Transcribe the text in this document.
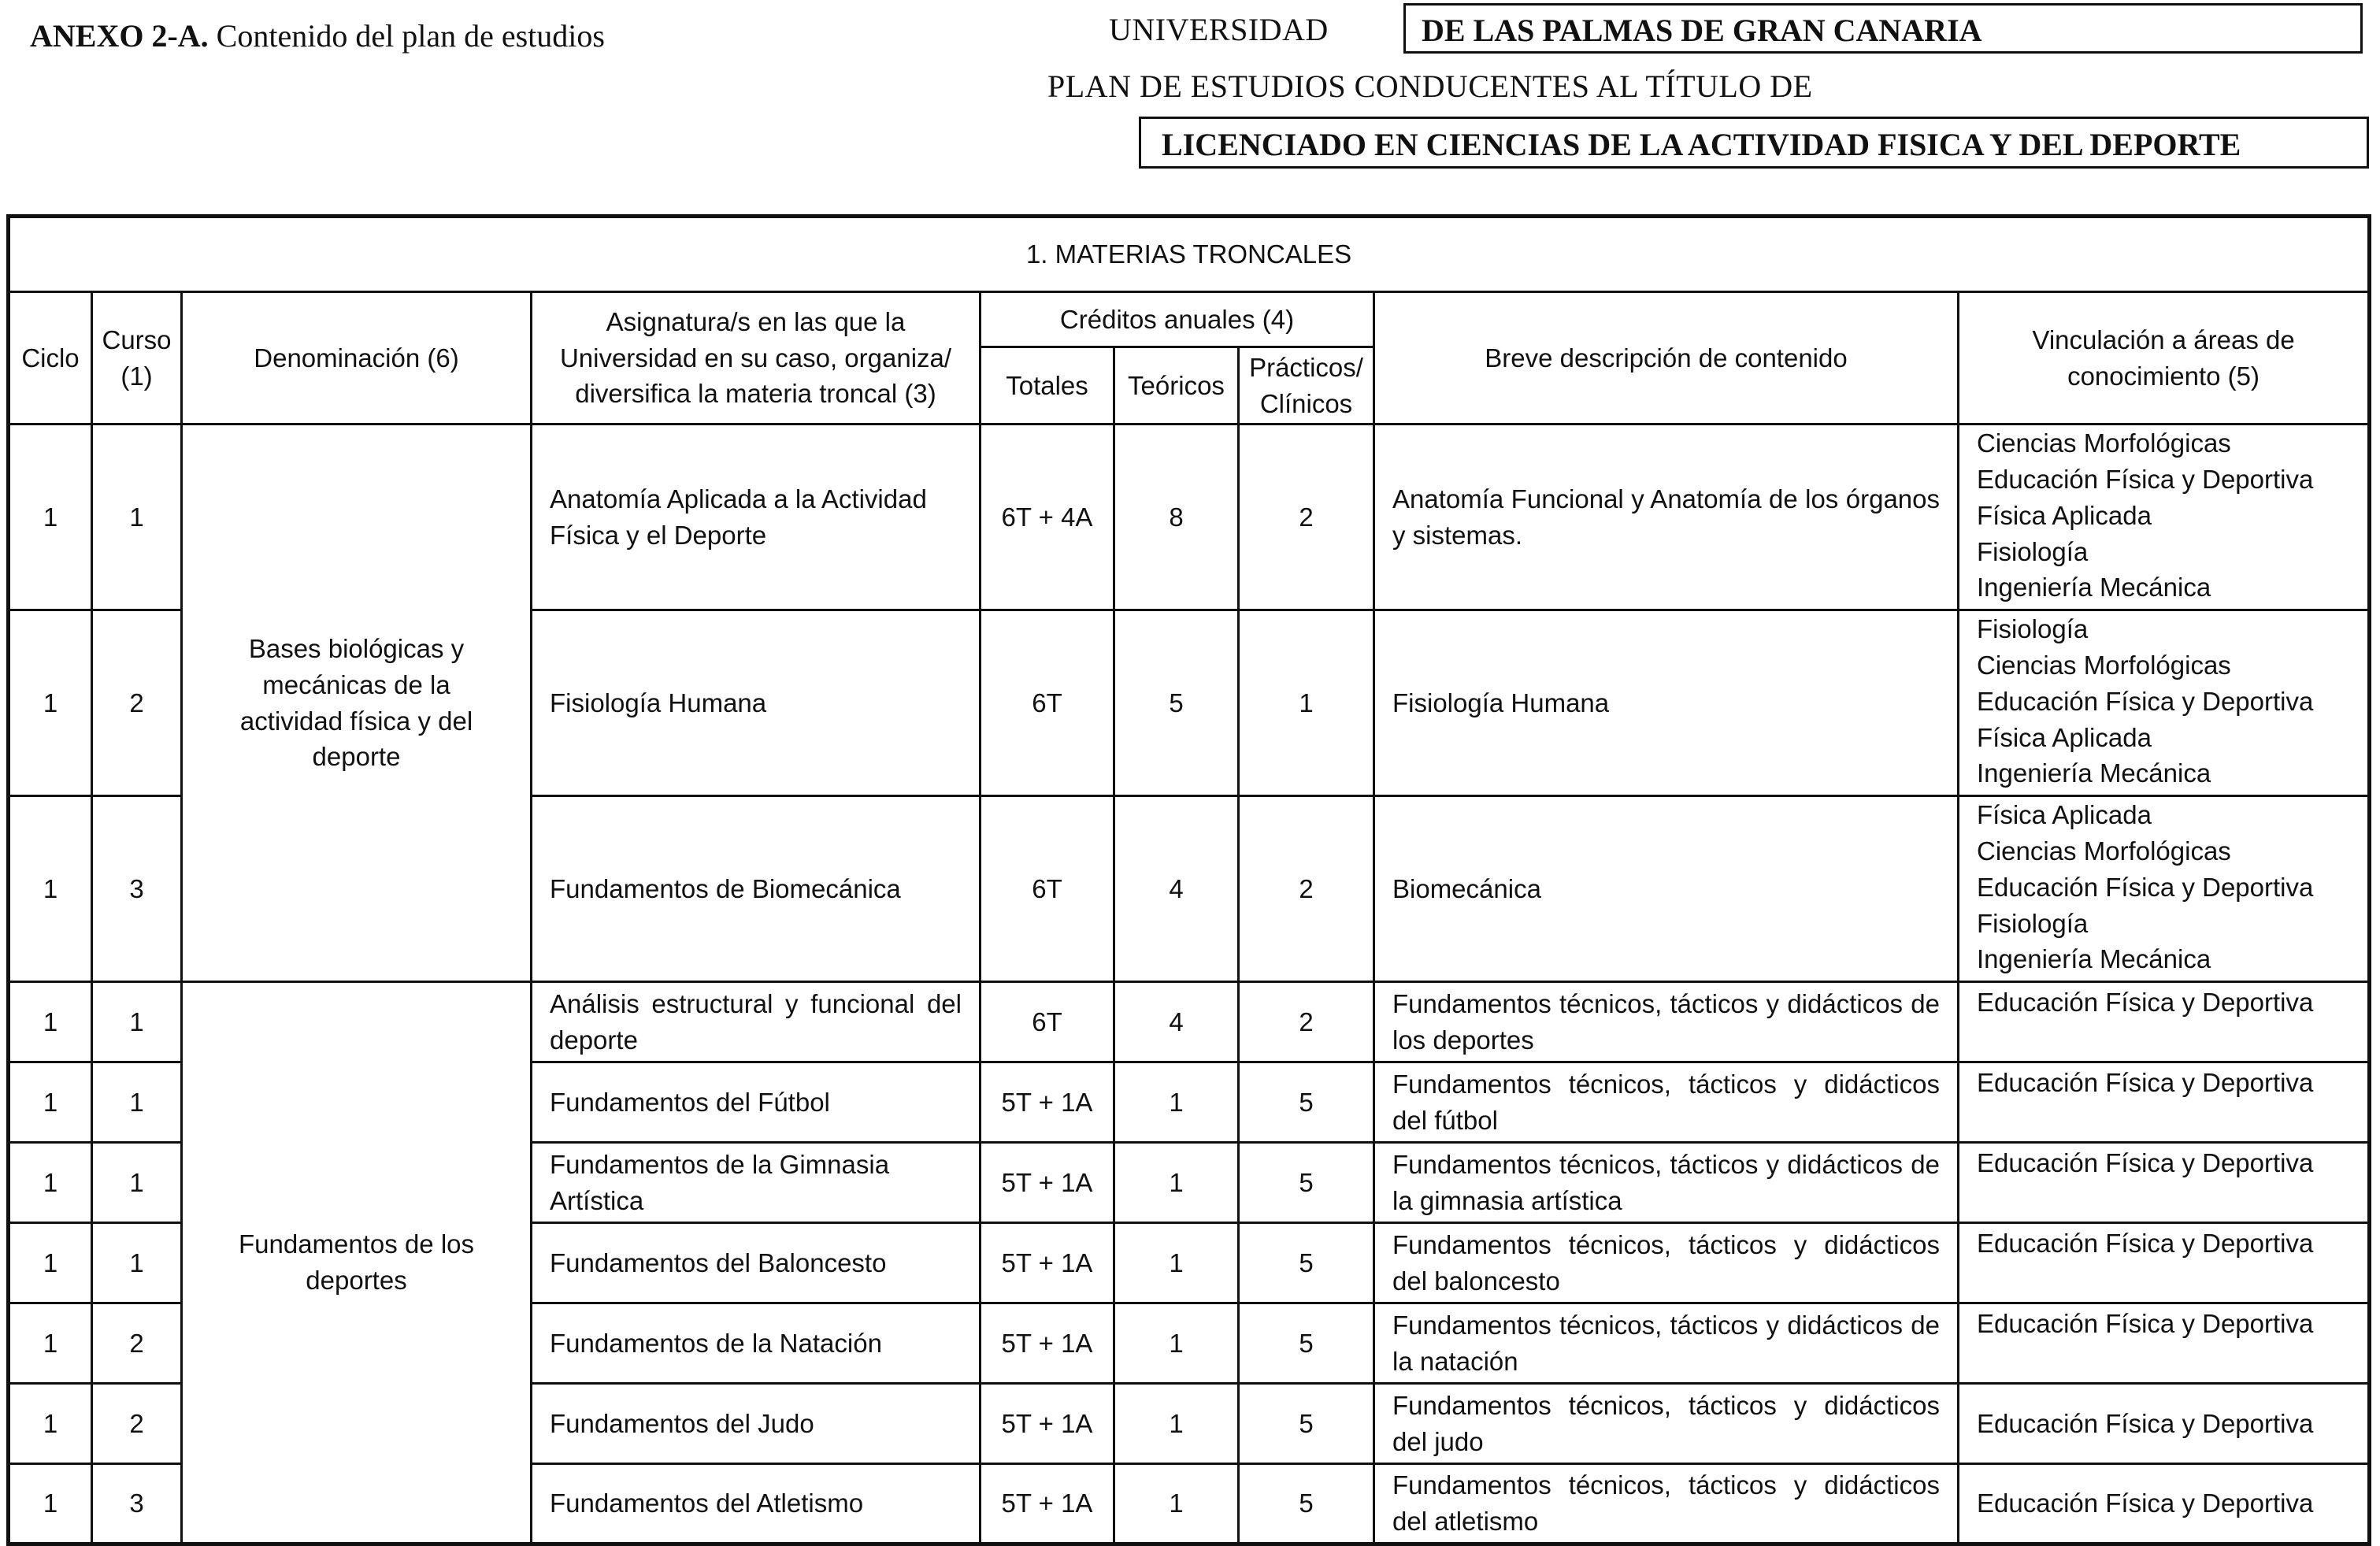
ANEXO 2-A. Contenido del plan de estudios	UNIVERSIDAD	DE LAS PALMAS DE GRAN CANARIA
PLAN DE ESTUDIOS CONDUCENTES AL TÍTULO DE
LICENCIADO EN CIENCIAS DE LA ACTIVIDAD FISICA Y DEL DEPORTE
1. MATERIAS TRONCALES								
Ciclo	Curso (1)	Denominación (6)	Asignatura/s en las que la Universidad en su caso, organiza/ diversifica la materia troncal (3)	Créditos anuales (4)			Breve descripción de contenido	Vinculación a áreas de conocimiento (5)
				Totales	Teóricos	Prácticos/ Clínicos		
1	1	Bases biológicas y mecánicas de la actividad física y del deporte	Anatomía Aplicada a la Actividad Física y el Deporte	6T + 4A	8	2	Anatomía Funcional y Anatomía de los órganos y sistemas.	Ciencias Morfológicas
Educación Física y Deportiva
Física Aplicada
Fisiología
Ingeniería Mecánica

1	2		Fisiología Humana	6T	5	1	Fisiología Humana	Fisiología
Ciencias Morfológicas
Educación Física y Deportiva
Física Aplicada
Ingeniería Mecánica

1	3		Fundamentos de Biomecánica	6T	4	2	Biomecánica	Física Aplicada
Ciencias Morfológicas
Educación Física y Deportiva
Fisiología
Ingeniería Mecánica

1	1	Fundamentos de los deportes	Análisis estructural y funcional del deporte	6T	4	2	Fundamentos técnicos, tácticos y didácticos de los deportes	Educación Física y Deportiva

1	1		Fundamentos del Fútbol	5T + 1A	1	5	Fundamentos técnicos, tácticos y didácticos del fútbol	Educación Física y Deportiva

1	1		Fundamentos de la Gimnasia Artística	5T + 1A	1	5	Fundamentos técnicos, tácticos y didácticos de la gimnasia artística	Educación Física y Deportiva

1	1		Fundamentos del Baloncesto	5T + 1A	1	5	Fundamentos técnicos, tácticos y didácticos del baloncesto	Educación Física y Deportiva

1	2		Fundamentos de la Natación	5T + 1A	1	5	Fundamentos técnicos, tácticos y didácticos de la natación	Educación Física y Deportiva

1	2		Fundamentos del Judo	5T + 1A	1	5	Fundamentos técnicos, tácticos y didácticos del judo	Educación Física y Deportiva

1	3		Fundamentos del Atletismo	5T + 1A	1	5	Fundamentos técnicos, tácticos y didácticos del atletismo	Educación Física y Deportiva
